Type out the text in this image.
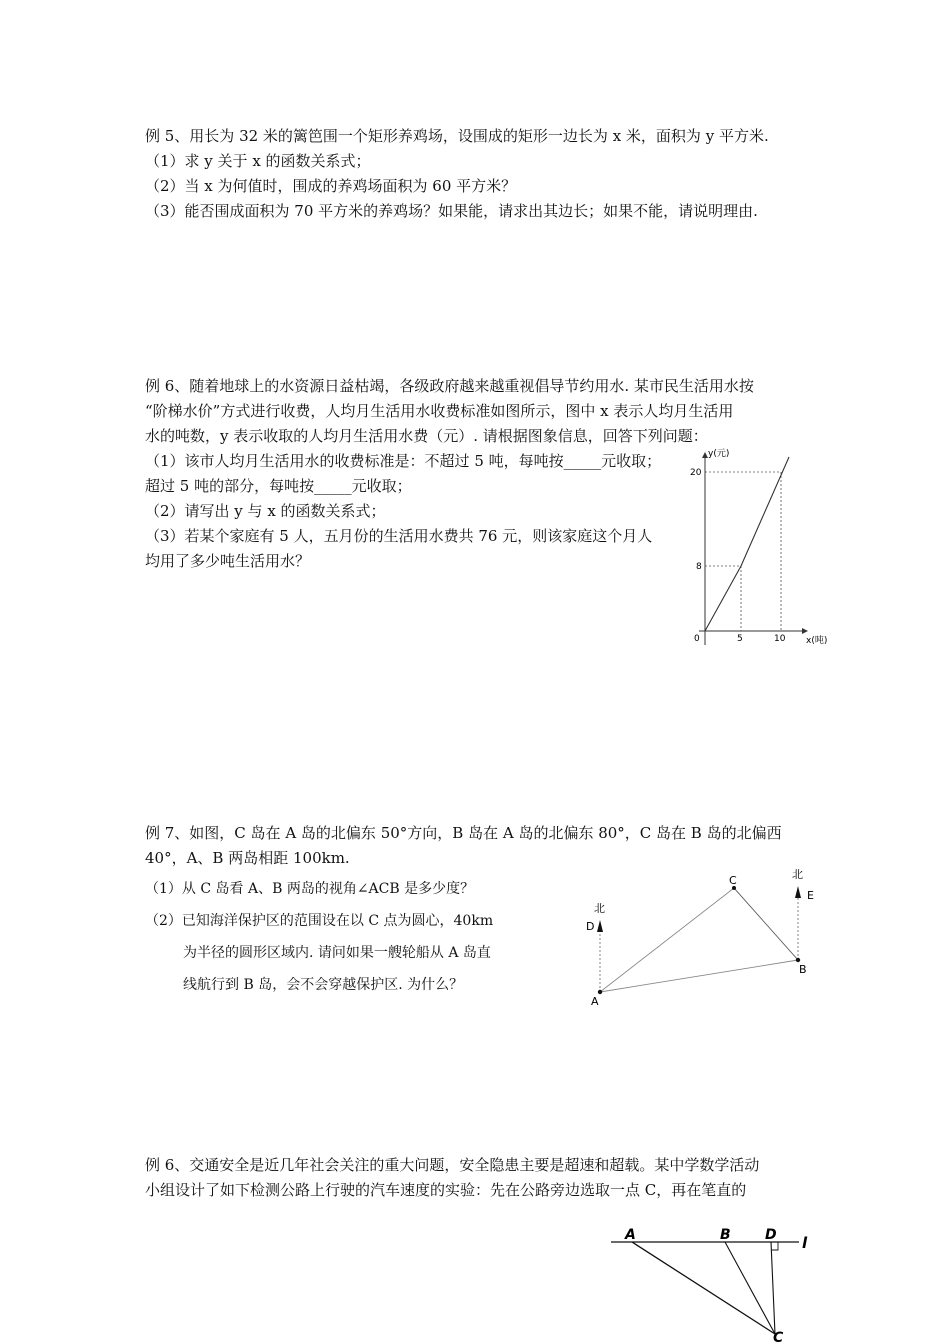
例 5、用长为 32 米的篱笆围一个矩形养鸡场，设围成的矩形一边长为 x 米，面积为 y 平方米.
（1）求 y 关于 x 的函数关系式；
（2）当 x 为何值时，围成的养鸡场面积为 60 平方米？
（3）能否围成面积为 70 平方米的养鸡场？如果能，请求出其边长；如果不能，请说明理由.
例 6、随着地球上的水资源日益枯竭，各级政府越来越重视倡导节约用水. 某市民生活用水按
“阶梯水价”方式进行收费，人均月生活用水收费标准如图所示，图中 x 表示人均月生活用
水的吨数，y 表示收取的人均月生活用水费（元）. 请根据图象信息，回答下列问题：
（1）该市人均月生活用水的收费标准是：不超过 5 吨，每吨按_____元收取；
超过 5 吨的部分，每吨按_____元收取；
（2）请写出 y 与 x 的函数关系式；
（3）若某个家庭有 5 人，五月份的生活用水费共 76 元，则该家庭这个月人
均用了多少吨生活用水？
y(元)
x(吨)
0	5	10
8
20
例 7、如图，C 岛在 A 岛的北偏东 50°方向，B 岛在 A 岛的北偏东 80°，C 岛在 B 岛的北偏西
40°，A、B 两岛相距 100km.
（1）从 C 岛看 A、B 两岛的视角∠ACB 是多少度？
（2）已知海洋保护区的范围设在以 C 点为圆心，40km
为半径的圆形区域内. 请问如果一艘轮船从 A 岛直
线航行到 B 岛，会不会穿越保护区. 为什么？
A
B
C
D
E
北
北
例 6、交通安全是近几年社会关注的重大问题，安全隐患主要是超速和超载。某中学数学活动
小组设计了如下检测公路上行驶的汽车速度的实验：先在公路旁边选取一点 C，再在笔直的
A	B D l
C
